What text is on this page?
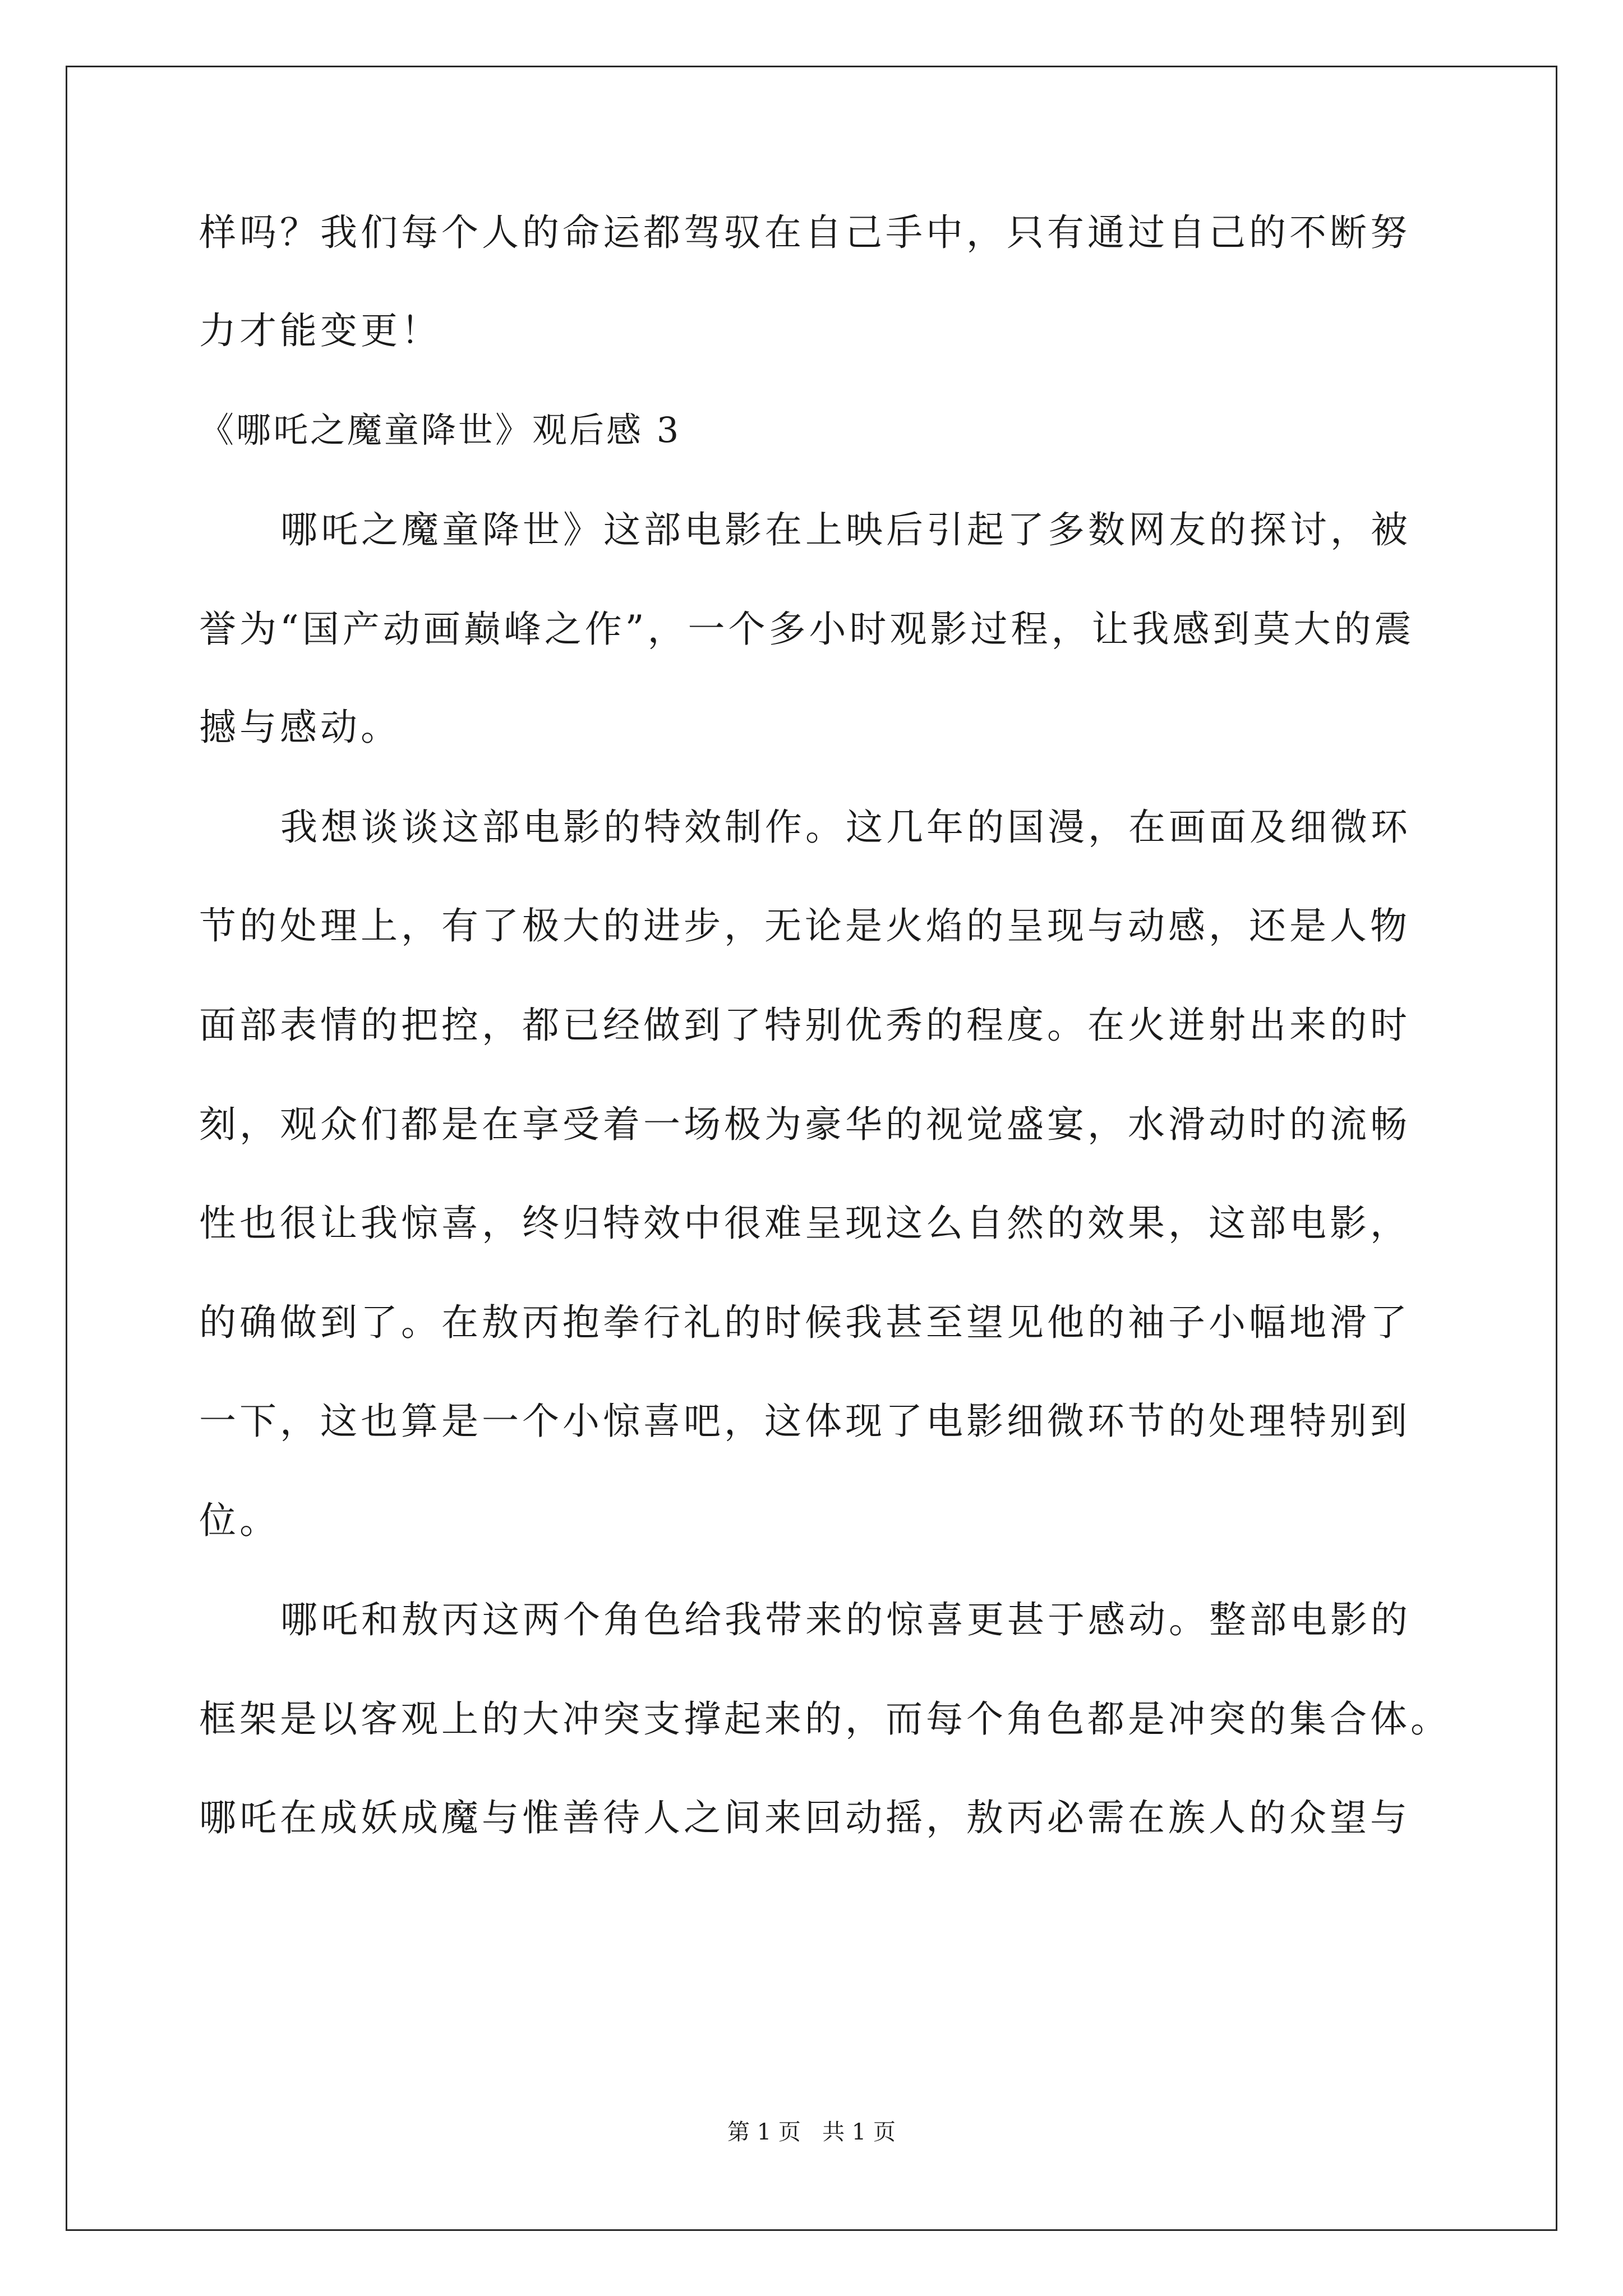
样吗？我们每个人的命运都驾驭在自己手中，只有通过自己的不断努
力才能变更！
《哪吒之魔童降世》观后感 3
哪吒之魔童降世》这部电影在上映后引起了多数网友的探讨，被
誉为“国产动画巅峰之作”，一个多小时观影过程，让我感到莫大的震
撼与感动。
我想谈谈这部电影的特效制作。这几年的国漫，在画面及细微环
节的处理上，有了极大的进步，无论是火焰的呈现与动感，还是人物
面部表情的把控，都已经做到了特别优秀的程度。在火迸射出来的时
刻，观众们都是在享受着一场极为豪华的视觉盛宴，水滑动时的流畅
性也很让我惊喜，终归特效中很难呈现这么自然的效果，这部电影，
的确做到了。在敖丙抱拳行礼的时候我甚至望见他的袖子小幅地滑了
一下，这也算是一个小惊喜吧，这体现了电影细微环节的处理特别到
位。
哪吒和敖丙这两个角色给我带来的惊喜更甚于感动。整部电影的
框架是以客观上的大冲突支撑起来的，而每个角色都是冲突的集合体。
哪吒在成妖成魔与惟善待人之间来回动摇，敖丙必需在族人的众望与
第 1 页   共 1 页
